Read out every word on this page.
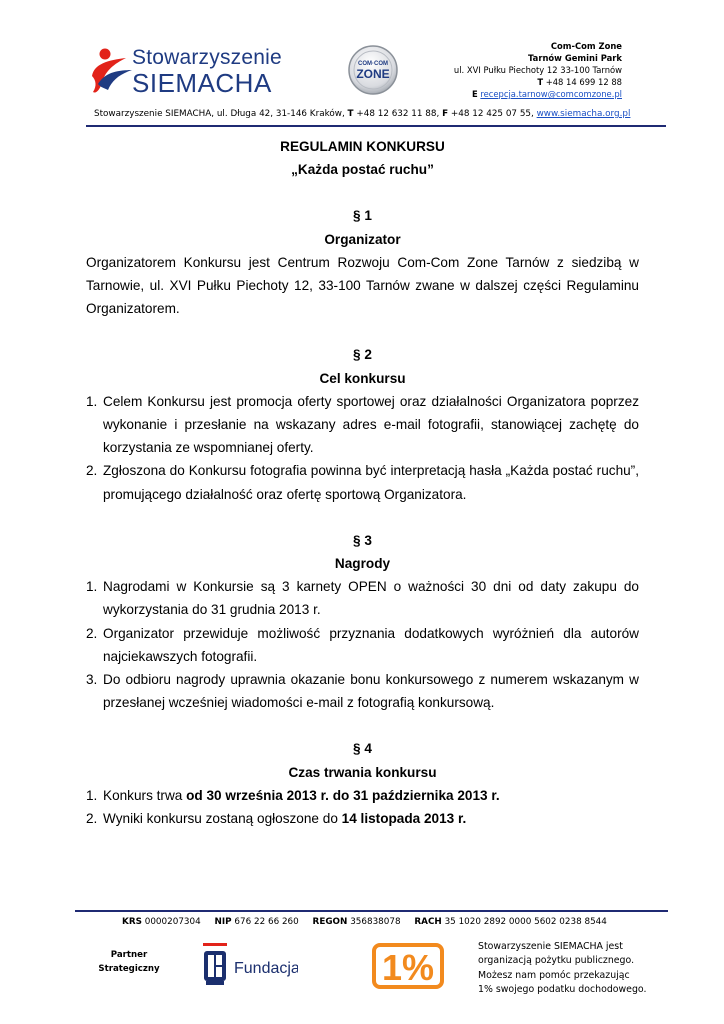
Stowarzyszenie
SIEMACHA
COM·COM
ZONE
Com-Com Zone
Tarnów Gemini Park
ul. XVI Pułku Piechoty 12 33-100 Tarnów
T +48 14 699 12 88
E recepcja.tarnow@comcomzone.pl
Stowarzyszenie SIEMACHA, ul. Długa 42, 31-146 Kraków, T +48 12 632 11 88, F +48 12 425 07 55, www.siemacha.org.pl
REGULAMIN KONKURSU
„Każda postać ruchu”
§ 1
Organizator
Organizatorem Konkursu jest Centrum Rozwoju Com-Com Zone Tarnów z siedzibą w Tarnowie, ul. XVI Pułku Piechoty 12, 33-100 Tarnów zwane w dalszej części Regulaminu Organizatorem.
§ 2
Cel konkursu
1. Celem Konkursu jest promocja oferty sportowej oraz działalności Organizatora poprzez wykonanie i przesłanie na wskazany adres e-mail fotografii, stanowiącej zachętę do korzystania ze wspomnianej oferty.
2. Zgłoszona do Konkursu fotografia powinna być interpretacją hasła „Każda postać ruchu”, promującego działalność oraz ofertę sportową Organizatora.
§ 3
Nagrody
1. Nagrodami w Konkursie są 3 karnety OPEN o ważności 30 dni od daty zakupu do wykorzystania do 31 grudnia 2013 r.
2. Organizator przewiduje możliwość przyznania dodatkowych wyróżnień dla autorów najciekawszych fotografii.
3. Do odbioru nagrody uprawnia okazanie bonu konkursowego z numerem wskazanym w przesłanej wcześniej wiadomości e-mail z fotografią konkursową.
§ 4
Czas trwania konkursu
1. Konkurs trwa od 30 września 2013 r. do 31 października 2013 r.
2. Wyniki konkursu zostaną ogłoszone do 14 listopada 2013 r.
KRS 0000207304 NIP 676 22 66 260 REGON 356838078 RACH 35 1020 2892 0000 5602 0238 8544
Partner
Strategiczny	Fundacja 1%
Stowarzyszenie SIEMACHA jest
organizacją pożytku publicznego.
Możesz nam pomóc przekazując
1% swojego podatku dochodowego.
